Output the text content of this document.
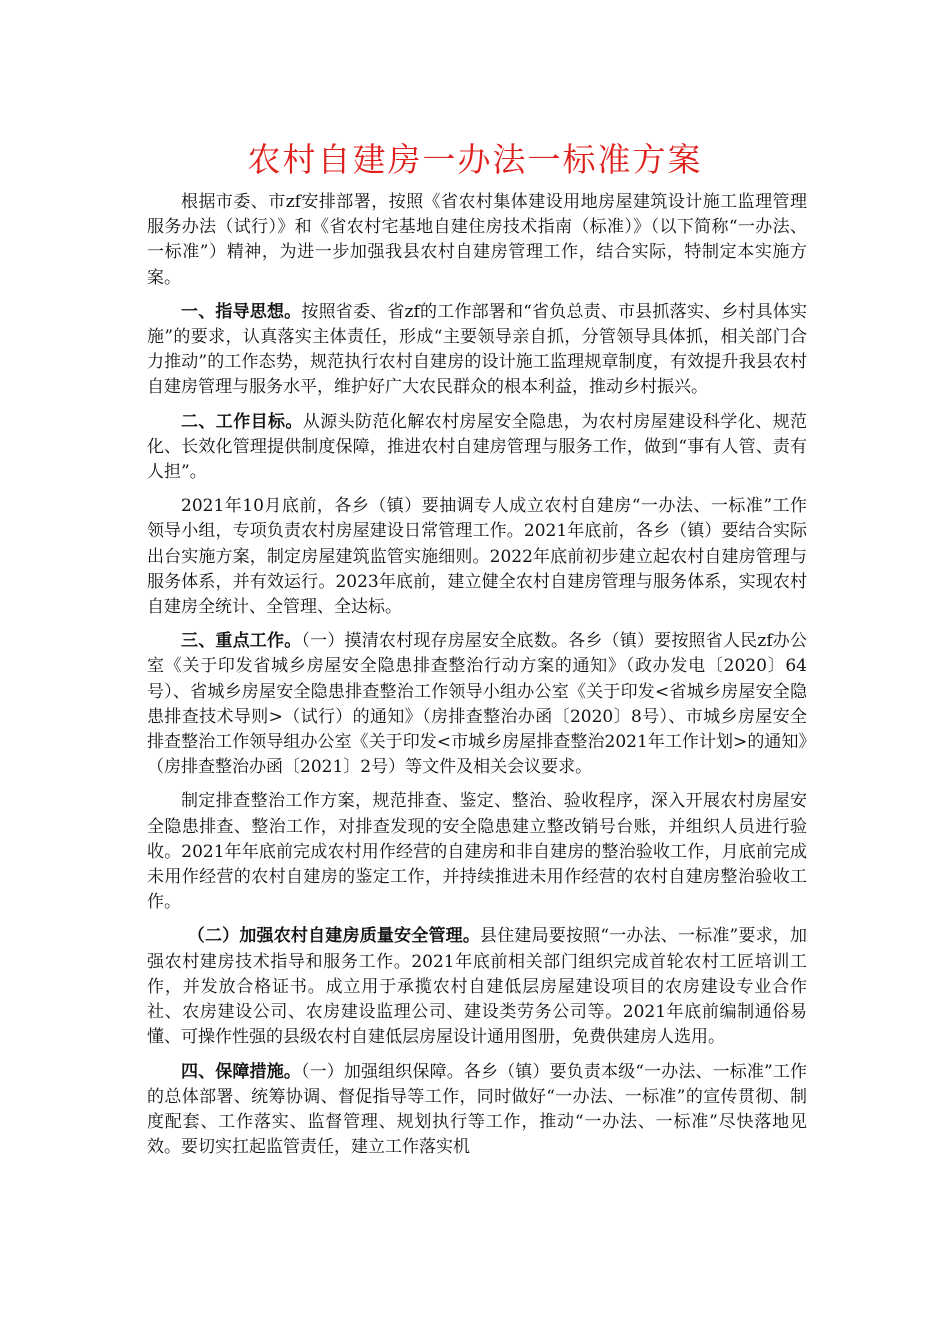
农村自建房一办法一标准方案

根据市委、市zf安排部署，按照《省农村集体建设用地房屋建筑设计施工监理管理服务办法（试行）》和《省农村宅基地自建住房技术指南（标准）》（以下简称“一办法、一标准”）精神，为进一步加强我县农村自建房管理工作，结合实际，特制定本实施方案。

一、指导思想。按照省委、省zf的工作部署和“省负总责、市县抓落实、乡村具体实施”的要求，认真落实主体责任，形成“主要领导亲自抓，分管领导具体抓，相关部门合力推动”的工作态势，规范执行农村自建房的设计施工监理规章制度，有效提升我县农村自建房管理与服务水平，维护好广大农民群众的根本利益，推动乡村振兴。

二、工作目标。从源头防范化解农村房屋安全隐患，为农村房屋建设科学化、规范化、长效化管理提供制度保障，推进农村自建房管理与服务工作，做到“事有人管、责有人担”。

2021年10月底前，各乡（镇）要抽调专人成立农村自建房“一办法、一标准”工作领导小组，专项负责农村房屋建设日常管理工作。2021年底前，各乡（镇）要结合实际出台实施方案，制定房屋建筑监管实施细则。2022年底前初步建立起农村自建房管理与服务体系，并有效运行。2023年底前，建立健全农村自建房管理与服务体系，实现农村自建房全统计、全管理、全达标。

三、重点工作。（一）摸清农村现存房屋安全底数。各乡（镇）要按照省人民zf办公室《关于印发省城乡房屋安全隐患排查整治行动方案的通知》（政办发电〔2020〕64号）、省城乡房屋安全隐患排查整治工作领导小组办公室《关于印发<省城乡房屋安全隐患排查技术导则>（试行）的通知》（房排查整治办函〔2020〕8号）、市城乡房屋安全排查整治工作领导组办公室《关于印发<市城乡房屋排查整治2021年工作计划>的通知》（房排查整治办函〔2021〕2号）等文件及相关会议要求。

制定排查整治工作方案，规范排查、鉴定、整治、验收程序，深入开展农村房屋安全隐患排查、整治工作，对排查发现的安全隐患建立整改销号台账，并组织人员进行验收。2021年年底前完成农村用作经营的自建房和非自建房的整治验收工作，月底前完成未用作经营的农村自建房的鉴定工作，并持续推进未用作经营的农村自建房整治验收工作。

（二）加强农村自建房质量安全管理。县住建局要按照“一办法、一标准”要求，加强农村建房技术指导和服务工作。2021年底前相关部门组织完成首轮农村工匠培训工作，并发放合格证书。成立用于承揽农村自建低层房屋建设项目的农房建设专业合作社、农房建设公司、农房建设监理公司、建设类劳务公司等。2021年底前编制通俗易懂、可操作性强的县级农村自建低层房屋设计通用图册，免费供建房人选用。

四、保障措施。（一）加强组织保障。各乡（镇）要负责本级“一办法、一标准”工作的总体部署、统筹协调、督促指导等工作，同时做好“一办法、一标准”的宣传贯彻、制度配套、工作落实、监督管理、规划执行等工作，推动“一办法、一标准”尽快落地见效。要切实扛起监管责任，建立工作落实机
